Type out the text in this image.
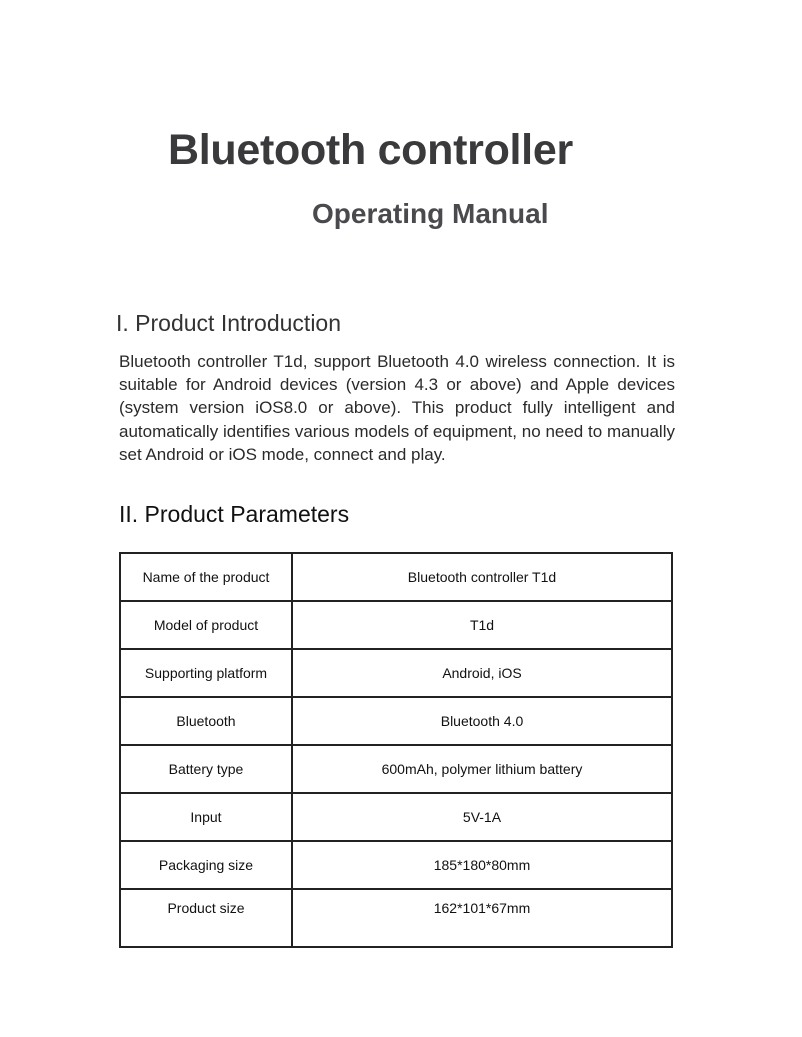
Bluetooth controller
Operating Manual
I. Product Introduction

Bluetooth controller T1d, support Bluetooth 4.0 wireless connection. It is suitable for Android devices (version 4.3 or above) and Apple devices (system version iOS8.0 or above). This product fully intelligent and automatically identifies various models of equipment, no need to manually set Android or iOS mode, connect and play.

II. Product Parameters
Name of the product	Bluetooth controller T1d
Model of product	T1d
Supporting platform	Android, iOS
Bluetooth	Bluetooth 4.0
Battery type	600mAh, polymer lithium battery
Input	5V-1A
Packaging size	185*180*80mm
Product size	162*101*67mm
